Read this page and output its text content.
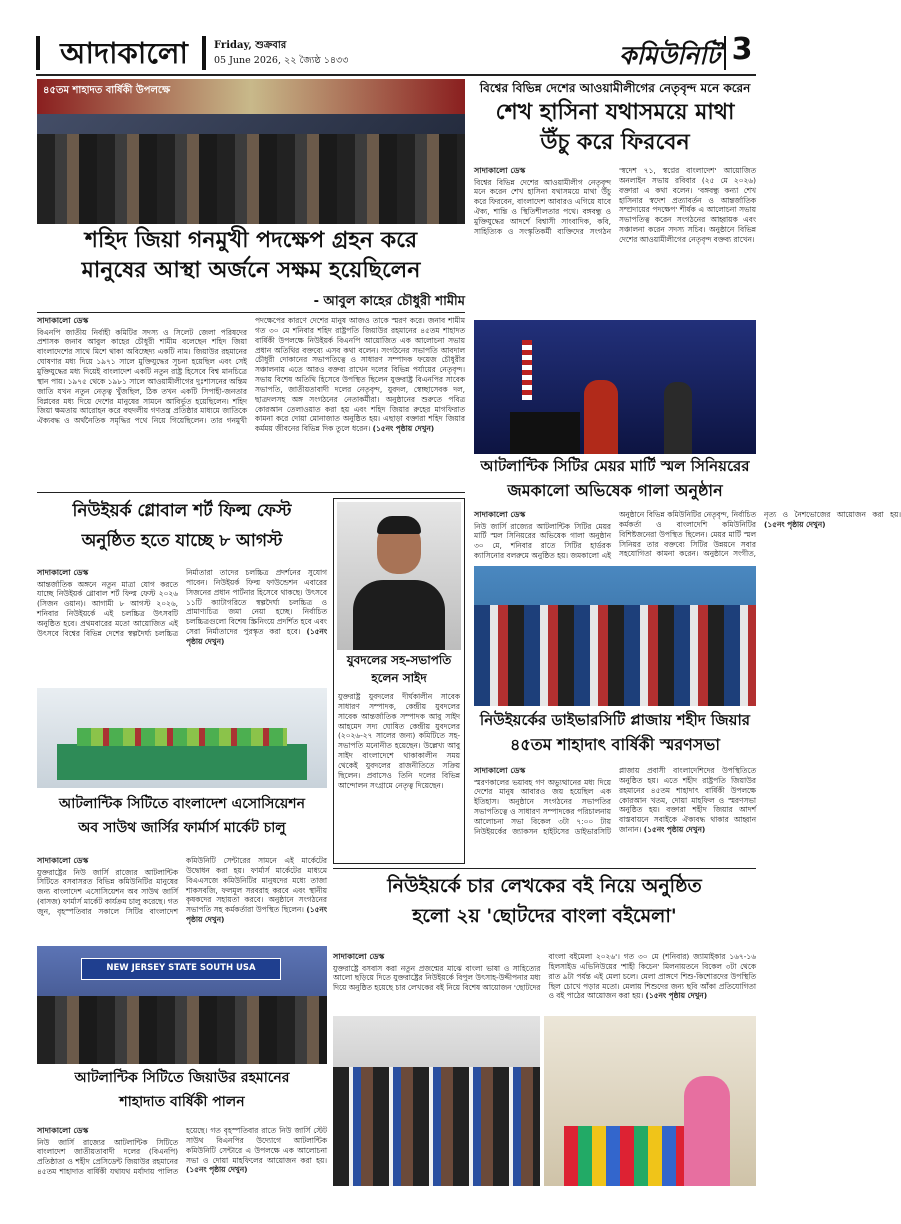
আদাকালো	Friday, শুক্রবার
05 June 2026, ২২ জ্যৈষ্ঠ ১৪৩৩	কমিউনিটি 3
৪৫তম শাহাদত বার্ষিকী উপলক্ষে
শহিদ জিয়া গনমুখী পদক্ষেপ গ্রহন করে
মানুষের আস্থা অর্জনে সক্ষম হয়েছিলেন
- আবুল কাহের চৌধুরী শামীম
সাদাকালো ডেস্ক
বিএনপি জাতীয় নির্বাহী কমিটির সদস্য ও সিলেট জেলা পরিষদের প্রশাসক জনাব আবুল কাহের চৌধুরী শামীম বলেছেন শহিদ জিয়া বাংলাদেশের সাথে মিশে থাকা অবিচ্ছেদ্য একটি নাম। জিয়াউর রহমানের ঘোষণার মধ্য দিয়ে ১৯৭১ সালে মুক্তিযুদ্ধের সূচনা হয়েছিল এবং সেই মুক্তিযুদ্ধের মধ্য দিয়েই বাংলাদেশ একটি নতুন রাষ্ট্র হিসেবে বিশ্ব মানচিত্রে স্থান পায়। ১৯৭৫ থেকে ১৯৮১ সালে আওয়ামীলীগের দুঃশাসনের অন্তিম জাতি যখন নতুন নেতৃত্ব খুঁজছিল, ঠিক তখন একটি সিপাহী-জনতার বিপ্লবের মধ্য দিয়ে দেশের মানুষের সামনে আবির্ভূত হয়েছিলেন। শহিদ জিয়া ক্ষমতায় আরোহন করে বহুদলীয় গণতন্ত্র প্রতিষ্ঠার মাধ্যমে জাতিকে ঐক্যবদ্ধ ও অর্থনৈতিক সমৃদ্ধির পথে নিয়ে গিয়েছিলেন। তার গনমুখী পদক্ষেপের কারণে দেশের মানুষ আজও তাকে স্মরণ করে। জনাব শামীম গত ৩০ মে শনিবার শহিদ রাষ্ট্রপতি জিয়াউর রহমানের ৪৫তম শাহাদত বার্ষিকী উপলক্ষে নিউইয়র্ক বিএনপি আয়োজিত এক আলোচনা সভায় প্রধান অতিথির বক্তব্যে এসব কথা বলেন। সংগঠনের সভাপতি আবদাল চৌধুরী দোকানের সভাপতিত্বে ও সাধারণ সম্পাদক ফয়েজ চৌধুরীর সঞ্চালনায় এতে আরও বক্তব্য রাখেন দলের বিভিন্ন পর্যায়ের নেতৃবৃন্দ। সভায় বিশেষ অতিথি হিসেবে উপস্থিত ছিলেন যুক্তরাষ্ট্র বিএনপির সাবেক সভাপতি, জাতীয়তাবাদী দলের নেতৃবৃন্দ, যুবদল, স্বেচ্ছাসেবক দল, ছাত্রদলসহ অঙ্গ সংগঠনের নেতাকর্মীরা। অনুষ্ঠানের শুরুতে পবিত্র কোরআন তেলাওয়াত করা হয় এবং শহিদ জিয়ার রুহের মাগফিরাত কামনা করে দোয়া মোনাজাত অনুষ্ঠিত হয়। এছাড়া বক্তারা শহিদ জিয়ার কর্মময় জীবনের বিভিন্ন দিক তুলে ধরেন। (১৫নং পৃষ্ঠায় দেখুন)
বিশ্বের বিভিন্ন দেশের আওয়ামীলীগের নেতৃবৃন্দ মনে করেন
শেখ হাসিনা যথাসময়ে মাথা
উঁচু করে ফিরবেন
সাদাকালো ডেস্ক
বিশ্বের বিভিন্ন দেশের আওয়ামীলীগ নেতৃবৃন্দ মনে করেন শেখ হাসিনা যথাসময়ে মাথা উঁচু করে ফিরবেন, বাংলাদেশ আবারও এগিয়ে যাবে ঐক্য, শান্তি ও স্থিতিশীলতার পথে। বঙ্গবন্ধু ও মুক্তিযুদ্ধের আদর্শে বিশ্বাসী সাংবাদিক, কবি, সাহিত্যিক ও সংস্কৃতিকর্মী ব্যক্তিদের সংগঠন 'স্বদেশ ৭১, স্বপ্নের বাংলাদেশ' আয়োজিত অনলাইন সভায় রবিবার (২৫ মে ২০২৬) বক্তারা এ কথা বলেন। 'বঙ্গবন্ধু কন্যা শেখ হাসিনার স্বদেশ প্রত্যাবর্তন ও আন্তর্জাতিক সম্প্রদায়ের পদক্ষেপ' শীর্ষক এ আলোচনা সভায় সভাপতিত্ব করেন সংগঠনের আহ্বায়ক এবং সঞ্চালনা করেন সদস্য সচিব। অনুষ্ঠানে বিভিন্ন দেশের আওয়ামীলীগের নেতৃবৃন্দ বক্তব্য রাখেন।
আটলান্টিক সিটির মেয়র মার্টি স্মল সিনিয়রের
জমকালো অভিষেক গালা অনুষ্ঠান
সাদাকালো ডেস্ক
নিউ জার্সি রাজ্যের আটলান্টিক সিটির মেয়র মার্টি স্মল সিনিয়রের অভিষেক গালা অনুষ্ঠান ৩০ মে, শনিবার রাতে সিটির হার্ডরক ক্যাসিনোর বলরুমে অনুষ্ঠিত হয়। জমকালো এই অনুষ্ঠানে বিভিন্ন কমিউনিটির নেতৃবৃন্দ, নির্বাচিত কর্মকর্তা ও বাংলাদেশি কমিউনিটির বিশিষ্টজনেরা উপস্থিত ছিলেন। মেয়র মার্টি স্মল সিনিয়র তার বক্তব্যে সিটির উন্নয়নে সবার সহযোগিতা কামনা করেন। অনুষ্ঠানে সংগীত, নৃত্য ও নৈশভোজের আয়োজন করা হয়। (১৫নং পৃষ্ঠায় দেখুন)
নিউইয়র্কের ডাইভারসিটি প্লাজায় শহীদ জিয়ার
৪৫তম শাহাদাৎ বার্ষিকী স্মরণসভা
সাদাকালো ডেস্ক
স্মরণকালের ভয়াবহ গণ অভ্যুত্থানের মধ্য দিয়ে দেশের মানুষ আবারও জয় হয়েছিল এক ইতিহাস। অনুষ্ঠানে সংগঠনের সভাপতির সভাপতিত্বে ও সাধারণ সম্পাদকের পরিচালনায় আলোচনা সভা বিকেল ৩টা ৭:০০ টায় নিউইয়র্কের জ্যাকসন হাইটসের ডাইভারসিটি প্লাজায় প্রবাসী বাংলাদেশিদের উপস্থিতিতে অনুষ্ঠিত হয়। এতে শহীদ রাষ্ট্রপতি জিয়াউর রহমানের ৪৫তম শাহাদাৎ বার্ষিকী উপলক্ষে কোরআন খতম, দোয়া মাহফিল ও স্মরণসভা অনুষ্ঠিত হয়। বক্তারা শহীদ জিয়ার আদর্শ বাস্তবায়নে সবাইকে ঐক্যবদ্ধ থাকার আহ্বান জানান। (১৫নং পৃষ্ঠায় দেখুন)
নিউইয়র্ক গ্লোবাল শর্ট ফিল্ম ফেস্ট
অনুষ্ঠিত হতে যাচ্ছে ৮ আগস্ট
সাদাকালো ডেস্ক
আন্তর্জাতিক অঙ্গনে নতুন মাত্রা যোগ করতে যাচ্ছে নিউইয়র্ক গ্লোবাল শর্ট ফিল্ম ফেস্ট ২০২৬ (সিজন ওয়ান)। আগামী ৮ আগস্ট ২০২৬, শনিবার নিউইয়র্কে এই চলচ্চিত্র উৎসবটি অনুষ্ঠিত হবে। প্রথমবারের মতো আয়োজিত এই উৎসবে বিশ্বের বিভিন্ন দেশের স্বল্পদৈর্ঘ্য চলচ্চিত্র নির্মাতারা তাদের চলচ্চিত্র প্রদর্শনের সুযোগ পাবেন। নিউইয়র্ক ফিল্ম ফাউন্ডেশন এবারের সিজনের প্রধান পার্টনার হিসেবে থাকছে। উৎসবে ১১টি ক্যাটাগরিতে স্বল্পদৈর্ঘ্য চলচ্চিত্র ও প্রামাণ্যচিত্র জমা নেয়া হচ্ছে। নির্বাচিত চলচ্চিত্রগুলো বিশেষ স্ক্রিনিংয়ে প্রদর্শিত হবে এবং সেরা নির্মাতাদের পুরস্কৃত করা হবে। (১৫নং পৃষ্ঠায় দেখুন)
যুবদলের সহ-সভাপতি
হলেন সাইদ
যুক্তরাষ্ট্র যুবদলের দীর্ঘকালীন সাবেক সাধারণ সম্পাদক, কেন্দ্রীয় যুবদলের সাবেক আন্তর্জাতিক সম্পাদক আবু সাইদ আহমেদ সদ্য ঘোষিত কেন্দ্রীয় যুবদলের (২০২৬-২৭ সালের জন্য) কমিটিতে সহ-সভাপতি মনোনীত হয়েছেন। উল্লেখ্য আবু সাইদ বাংলাদেশে থাকাকালীন সময় থেকেই যুবদলের রাজনীতিতে সক্রিয় ছিলেন। প্রবাসেও তিনি দলের বিভিন্ন আন্দোলন সংগ্রামে নেতৃত্ব দিয়েছেন।
আটলান্টিক সিটিতে বাংলাদেশ এসোসিয়েশন
অব সাউথ জার্সির ফার্মার্স মার্কেট চালু
সাদাকালো ডেস্ক
যুক্তরাষ্ট্রের নিউ জার্সি রাজ্যের আটলান্টিক সিটিতে বসবাসরত বিভিন্ন কমিউনিটির মানুষের জন্য বাংলাদেশ এসোসিয়েশন অব সাউথ জার্সি (বাসজ) ফার্মার্স মার্কেট কার্যক্রম চালু করেছে। গত জুন, বৃহস্পতিবার সকালে সিটির বাংলাদেশ কমিউনিটি সেন্টারের সামনে এই মার্কেটের উদ্বোধন করা হয়। ফার্মার্স মার্কেটের মাধ্যমে বিএএসজে কমিউনিটির মানুষদের মধ্যে তাজা শাকসবজি, ফলমূল সরবরাহ করবে এবং স্থানীয় কৃষকদের সহায়তা করবে। অনুষ্ঠানে সংগঠনের সভাপতি সহ কর্মকর্তারা উপস্থিত ছিলেন। (১৫নং পৃষ্ঠায় দেখুন)
NEW JERSEY STATE SOUTH USA
আটলান্টিক সিটিতে জিয়াউর রহমানের
শাহাদাত বার্ষিকী পালন
সাদাকালো ডেস্ক
নিউ জার্সি রাজ্যের আটলান্টিক সিটিতে বাংলাদেশ জাতীয়তাবাদী দলের (বিএনপি) প্রতিষ্ঠাতা ও শহীদ প্রেসিডেন্ট জিয়াউর রহমানের ৪৫তম শাহাদাত বার্ষিকী যথাযথ মর্যাদায় পালিত হয়েছে। গত বৃহস্পতিবার রাতে নিউ জার্সি স্টেট সাউথ বিএনপির উদ্যোগে আটলান্টিক কমিউনিটি সেন্টারে এ উপলক্ষে এক আলোচনা সভা ও দোয়া মাহফিলের আয়োজন করা হয়। (১৫নং পৃষ্ঠায় দেখুন)
নিউইয়র্কে চার লেখকের বই নিয়ে অনুষ্ঠিত
হলো ২য় 'ছোটদের বাংলা বইমেলা'
সাদাকালো ডেস্ক
যুক্তরাষ্ট্রে বসবাস করা নতুন প্রজন্মের মাঝে বাংলা ভাষা ও সাহিত্যের আলো ছড়িয়ে দিতে যুক্তরাষ্ট্রের নিউইয়র্কে বিপুল উৎসাহ-উদ্দীপনার মধ্য দিয়ে অনুষ্ঠিত হয়েছে চার লেখকের বই নিয়ে বিশেষ আয়োজন 'ছোটদের বাংলা বইমেলা ২০২৬'। গত ৩০ মে (শনিবার) জ্যামাইকার ১৬৭-১৬ হিলসাইড এভিনিউয়ের 'শাহী কিচেন' মিলনায়তনে বিকেল ৩টা থেকে রাত ৯টা পর্যন্ত এই মেলা চলে। মেলা প্রাঙ্গণে শিশু-কিশোরদের উপস্থিতি ছিল চোখে পড়ার মতো। মেলায় শিশুদের জন্য ছবি আঁকা প্রতিযোগিতা ও বই পাঠের আয়োজন করা হয়। (১৫নং পৃষ্ঠায় দেখুন)
